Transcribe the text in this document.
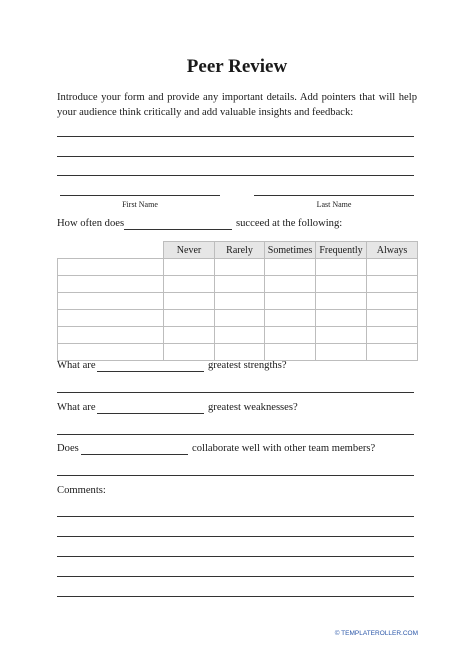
Peer Review
Introduce your form and provide any important details. Add pointers that will help your audience think critically and add valuable insights and feedback:
First Name	Last Name
How often does	succeed at the following:
	Never	Rarely	Sometimes	Frequently	Always

What are	greatest strengths?
What are	greatest weaknesses?
Does	collaborate well with other team members?
Comments:
© TEMPLATEROLLER.COM
